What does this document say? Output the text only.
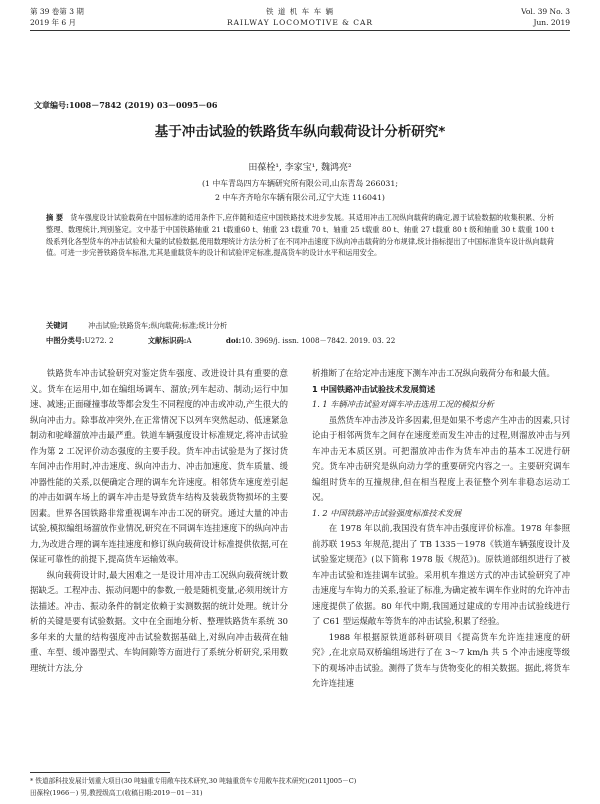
第 39 卷第 3 期
2019 年 6 月
铁 道 机 车 车 辆
RAILWAY LOCOMOTIVE & CAR
Vol. 39 No. 3
Jun. 2019
文章编号:1008－7842 (2019) 03－0095－06
基于冲击试验的铁路货车纵向载荷设计分析研究*
田葆栓¹, 李家宝¹, 魏鸿亮²
(1 中车青岛四方车辆研究所有限公司,山东青岛 266031;
2 中车齐齐哈尔车辆有限公司,辽宁大连 116041)
摘 要 货车强度设计试验载荷在中国标准的适用条件下,应伴随和适应中国铁路技术进步发展。其适用冲击工况纵向载荷的确定,源于试验数据的收集积累、分析整理、数理统计,判别鉴定。文中基于中国铁路轴重 21 t载重60 t、轴重 23 t载重 70 t、轴重 25 t载重 80 t、轴重 27 t载重 80 t 级和轴重 30 t 载重 100 t 级系列化各型货车的冲击试验和大量的试验数据,使用数理统计方法分析了在不同冲击速度下纵向冲击载荷的分布规律,统计指标提出了中国标准货车设计纵向载荷值。可进一步完善铁路货车标准,尤其是重载货车的设计和试验评定标准,提高货车的设计水平和运用安全。
关键词	冲击试验;铁路货车;纵向载荷;标准;统计分析
中图分类号:U272. 2	文献标识码:A	doi:10. 3969/j. issn. 1008－7842. 2019. 03. 22

铁路货车冲击试验研究对鉴定货车强度、改进设计具有重要的意义。货车在运用中,如在编组场调车、溜放;列车起动、制动;运行中加速、减速;正面碰撞事故等都会发生不同程度的冲击或冲动,产生很大的纵向冲击力。除事故冲突外,在正常情况下以列车突然起动、低速紧急制动和驼峰溜放冲击最严重。铁道车辆强度设计标准规定,将冲击试验作为第 2 工况评价动态强度的主要手段。货车冲击试验是为了探讨货车间冲击作用时,冲击速度、纵向冲击力、冲击加速度、货车质量、缓冲器性能的关系,以便确定合理的调车允许速度。相邻货车速度差引起的冲击如调车场上的调车冲击是导致货车结构及装载货物损坏的主要因素。世界各国铁路非常重视调车冲击工况的研究。通过大量的冲击试验,模拟编组场溜放作业情况,研究在不同调车连挂速度下的纵向冲击力,为改进合理的调车连挂速度和修订纵向载荷设计标准提供依据,可在保证可靠性的前提下,提高货车运输效率。

纵向载荷设计时,最大困难之一是设计用冲击工况纵向载荷统计数据缺乏。工程冲击、振动问题中的参数,一般是随机变量,必须用统计方法描述。冲击、振动条件的制定依赖于实测数据的统计处理。统计分析的关键是要有试验数据。文中在全面地分析、整理铁路货车系统 30 多年来的大量的结构强度冲击试验数据基础上,对纵向冲击载荷在轴重、车型、缓冲器型式、车钩间隙等方面进行了系统分析研究,采用数理统计方法,分

析推断了在给定冲击速度下测车冲击工况纵向载荷分布和最大值。

1 中国铁路冲击试验技术发展简述

1. 1 车辆冲击试验对调车冲击选用工况的模拟分析

虽然货车冲击涉及许多因素,但是如果不考虑产生冲击的因素,只讨论由于相邻两货车之间存在速度差而发生冲击的过程,则溜放冲击与列车冲击无本质区别。可把溜放冲击作为货车冲击的基本工况进行研究。货车冲击研究是纵向动力学的重要研究内容之一。主要研究调车编组时货车的互撞规律,但在相当程度上表征整个列车非稳态运动工况。

1. 2 中国铁路冲击试验强度标准技术发展

在 1978 年以前,我国没有货车冲击强度评价标准。1978 年参照前苏联 1953 年规范,提出了 TB 1335－1978《铁道车辆强度设计及试验鉴定规范》(以下简称 1978 版《规范》)。原铁道部组织进行了被车冲击试验和连挂调车试验。采用机车推送方式的冲击试验研究了冲击速度与车钩力的关系,验证了标准,为确定被车调车作业时的允许冲击速度提供了依据。80 年代中期,我国通过建成的专用冲击试验线进行了 C61 型运煤敞车等货车的冲击试验,积累了经验。

1988 年根据原铁道部科研项目《提高货车允许连挂速度的研究》,在北京局双桥编组场进行了在 3～7 km/h 共 5 个冲击速度等级下的观场冲击试验。测得了货车与货物变化的相关数据。据此,将货车允许连挂速

* 铁道部科技发展计划重大项目(30 吨轴重专用敞车技术研究,30 吨轴重货车专用敞车技术研究)(2011J005－C)
田葆栓(1966－) 男,教授级高工(收稿日期:2019－01－31)
